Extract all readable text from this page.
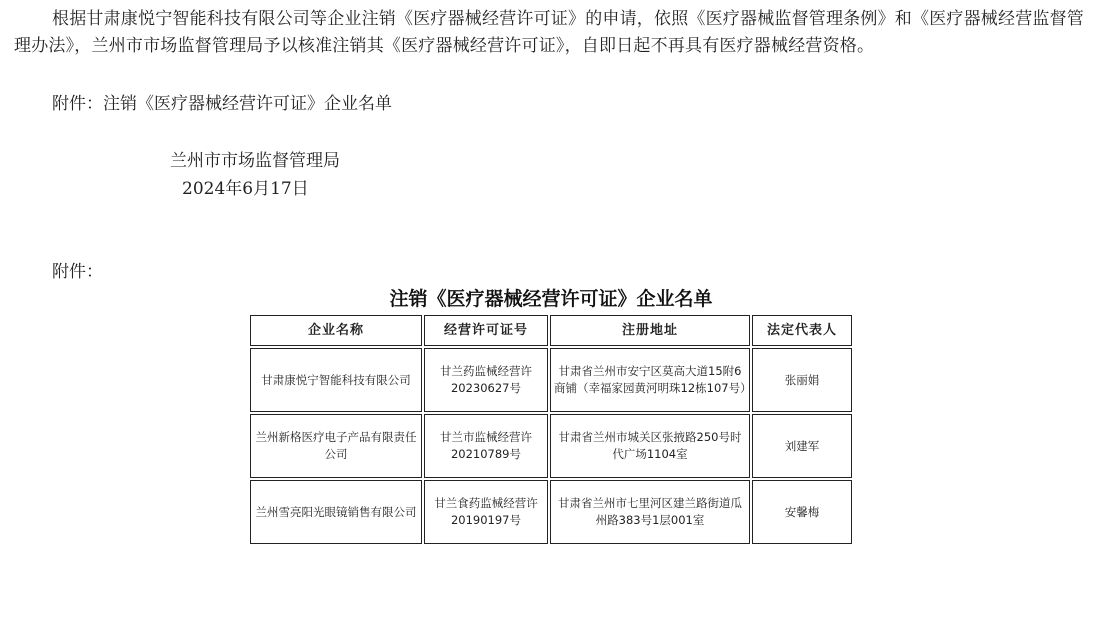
根据甘肃康悦宁智能科技有限公司等企业注销《医疗器械经营许可证》的申请，依照《医疗器械监督管理条例》和《医疗器械经营监督管理办法》，兰州市市场监督管理局予以核准注销其《医疗器械经营许可证》，自即日起不再具有医疗器械经营资格。

附件：注销《医疗器械经营许可证》企业名单
兰州市市场监督管理局
2024年6月17日
附件：
注销《医疗器械经营许可证》企业名单
企业名称	经营许可证号	注册地址	法定代表人
甘肃康悦宁智能科技有限公司	甘兰药监械经营许20230627号	甘肃省兰州市安宁区莫高大道15附6商铺（幸福家园黄河明珠12栋107号）	张丽娟
兰州新格医疗电子产品有限责任公司	甘兰市监械经营许20210789号	甘肃省兰州市城关区张掖路250号时代广场1104室	刘建军
兰州雪亮阳光眼镜销售有限公司	甘兰食药监械经营许20190197号	甘肃省兰州市七里河区建兰路街道瓜州路383号1层001室	安馨梅
